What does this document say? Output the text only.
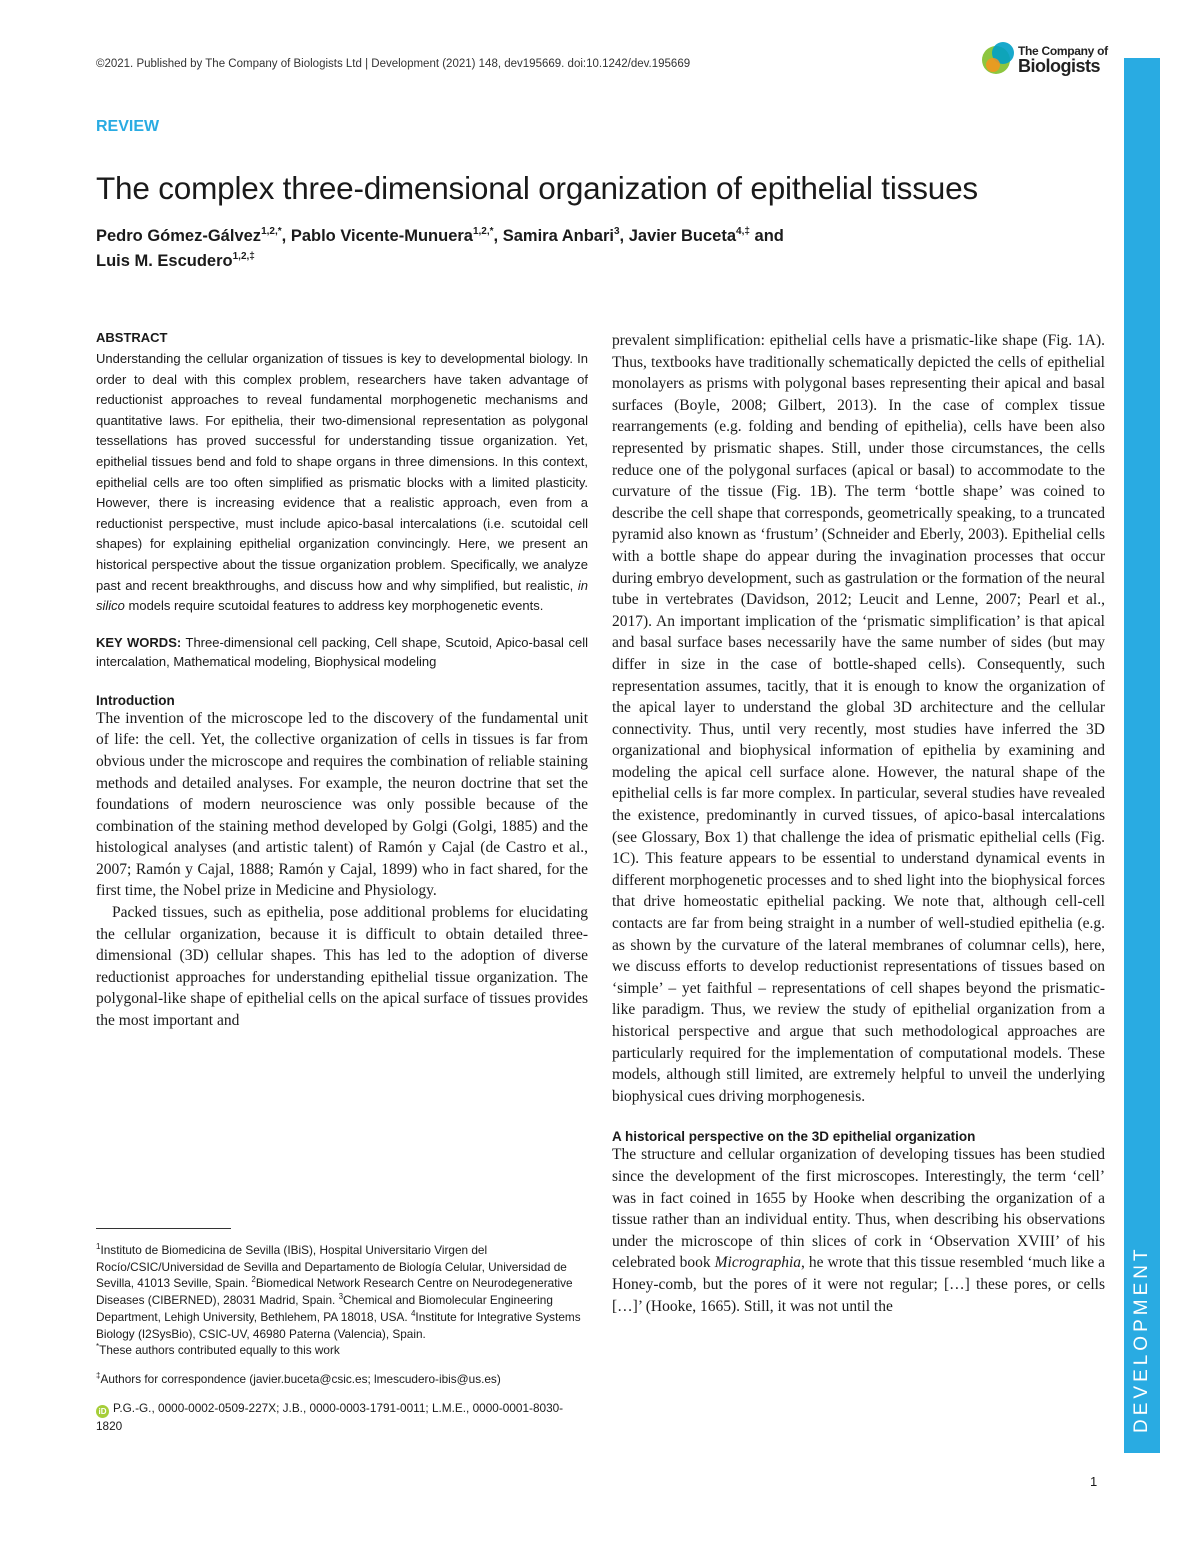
©2021. Published by The Company of Biologists Ltd | Development (2021) 148, dev195669. doi:10.1242/dev.195669
The Company of
Biologists
DEVELOPMENT
REVIEW
The complex three-dimensional organization of epithelial tissues
Pedro Gómez-Gálvez$^{1,2,*}$, Pablo Vicente-Munuera$^{1,2,*}$, Samira Anbari$^3$, Javier Buceta$^{4,\ddagger}$ and
Luis M. Escudero$^{1,2,\ddagger}$

ABSTRACT

Understanding the cellular organization of tissues is key to developmental biology. In order to deal with this complex problem, researchers have taken advantage of reductionist approaches to reveal fundamental morphogenetic mechanisms and quantitative laws. For epithelia, their two-dimensional representation as polygonal tessellations has proved successful for understanding tissue organization. Yet, epithelial tissues bend and fold to shape organs in three dimensions. In this context, epithelial cells are too often simplified as prismatic blocks with a limited plasticity. However, there is increasing evidence that a realistic approach, even from a reductionist perspective, must include apico-basal intercalations (i.e. scutoidal cell shapes) for explaining epithelial organization convincingly. Here, we present an historical perspective about the tissue organization problem. Specifically, we analyze past and recent breakthroughs, and discuss how and why simplified, but realistic, in silico models require scutoidal features to address key morphogenetic events.

KEY WORDS: Three-dimensional cell packing, Cell shape, Scutoid, Apico-basal cell intercalation, Mathematical modeling, Biophysical modeling

Introduction

The invention of the microscope led to the discovery of the fundamental unit of life: the cell. Yet, the collective organization of cells in tissues is far from obvious under the microscope and requires the combination of reliable staining methods and detailed analyses. For example, the neuron doctrine that set the foundations of modern neuroscience was only possible because of the combination of the staining method developed by Golgi (Golgi, 1885) and the histological analyses (and artistic talent) of Ramón y Cajal (de Castro et al., 2007; Ramón y Cajal, 1888; Ramón y Cajal, 1899) who in fact shared, for the first time, the Nobel prize in Medicine and Physiology.

Packed tissues, such as epithelia, pose additional problems for elucidating the cellular organization, because it is difficult to obtain detailed three-dimensional (3D) cellular shapes. This has led to the adoption of diverse reductionist approaches for understanding epithelial tissue organization. The polygonal-like shape of epithelial cells on the apical surface of tissues provides the most important and

prevalent simplification: epithelial cells have a prismatic-like shape (Fig. 1A). Thus, textbooks have traditionally schematically depicted the cells of epithelial monolayers as prisms with polygonal bases representing their apical and basal surfaces (Boyle, 2008; Gilbert, 2013). In the case of complex tissue rearrangements (e.g. folding and bending of epithelia), cells have been also represented by prismatic shapes. Still, under those circumstances, the cells reduce one of the polygonal surfaces (apical or basal) to accommodate to the curvature of the tissue (Fig. 1B). The term ‘bottle shape’ was coined to describe the cell shape that corresponds, geometrically speaking, to a truncated pyramid also known as ‘frustum’ (Schneider and Eberly, 2003). Epithelial cells with a bottle shape do appear during the invagination processes that occur during embryo development, such as gastrulation or the formation of the neural tube in vertebrates (Davidson, 2012; Leucit and Lenne, 2007; Pearl et al., 2017). An important implication of the ‘prismatic simplification’ is that apical and basal surface bases necessarily have the same number of sides (but may differ in size in the case of bottle-shaped cells). Consequently, such representation assumes, tacitly, that it is enough to know the organization of the apical layer to understand the global 3D architecture and the cellular connectivity. Thus, until very recently, most studies have inferred the 3D organizational and biophysical information of epithelia by examining and modeling the apical cell surface alone. However, the natural shape of the epithelial cells is far more complex. In particular, several studies have revealed the existence, predominantly in curved tissues, of apico-basal intercalations (see Glossary, Box 1) that challenge the idea of prismatic epithelial cells (Fig. 1C). This feature appears to be essential to understand dynamical events in different morphogenetic processes and to shed light into the biophysical forces that drive homeostatic epithelial packing. We note that, although cell-cell contacts are far from being straight in a number of well-studied epithelia (e.g. as shown by the curvature of the lateral membranes of columnar cells), here, we discuss efforts to develop reductionist representations of tissues based on ‘simple’ – yet faithful – representations of cell shapes beyond the prismatic-like paradigm. Thus, we review the study of epithelial organization from a historical perspective and argue that such methodological approaches are particularly required for the implementation of computational models. These models, although still limited, are extremely helpful to unveil the underlying biophysical cues driving morphogenesis.

A historical perspective on the 3D epithelial organization

The structure and cellular organization of developing tissues has been studied since the development of the first microscopes. Interestingly, the term ‘cell’ was in fact coined in 1655 by Hooke when describing the organization of a tissue rather than an individual entity. Thus, when describing his observations under the microscope of thin slices of cork in ‘Observation XVIII’ of his celebrated book Micrographia, he wrote that this tissue resembled ‘much like a Honey-comb, but the pores of it were not regular; […] these pores, or cells […]’ (Hooke, 1665). Still, it was not until the

$^1$Instituto de Biomedicina de Sevilla (IBiS), Hospital Universitario Virgen del Rocío/CSIC/Universidad de Sevilla and Departamento de Biología Celular, Universidad de Sevilla, 41013 Seville, Spain. $^2$Biomedical Network Research Centre on Neurodegenerative Diseases (CIBERNED), 28031 Madrid, Spain. $^3$Chemical and Biomolecular Engineering Department, Lehigh University, Bethlehem, PA 18018, USA. $^4$Institute for Integrative Systems Biology (I2SysBio), CSIC-UV, 46980 Paterna (Valencia), Spain.

*These authors contributed equally to this work

‡Authors for correspondence (javier.buceta@csic.es; lmescudero-ibis@us.es)

iD P.G.-G., 0000-0002-0509-227X; J.B., 0000-0003-1791-0011; L.M.E., 0000-0001-8030-1820

1
